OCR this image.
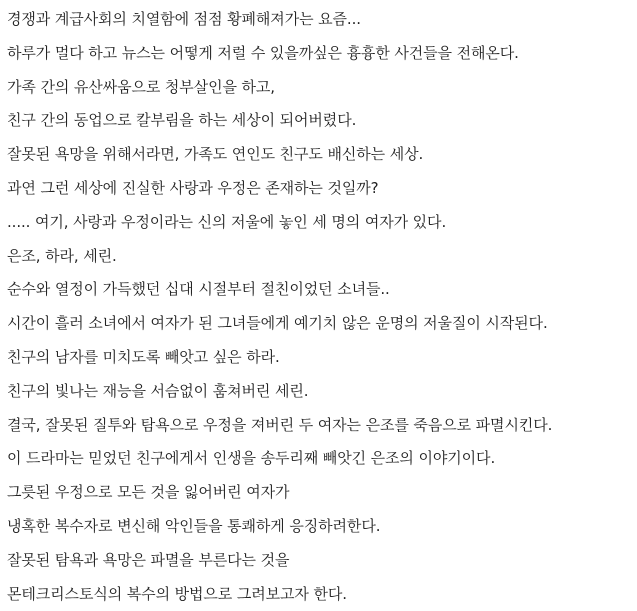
경쟁과 계급사회의 치열함에 점점 황폐해져가는 요즘...
하루가 멀다 하고 뉴스는 어떻게 저럴 수 있을까싶은 흉흉한 사건들을 전해온다.
가족 간의 유산싸움으로 청부살인을 하고,
친구 간의 동업으로 칼부림을 하는 세상이 되어버렸다.
잘못된 욕망을 위해서라면, 가족도 연인도 친구도 배신하는 세상.
과연 그런 세상에 진실한 사랑과 우정은 존재하는 것일까?
..... 여기, 사랑과 우정이라는 신의 저울에 놓인 세 명의 여자가 있다.
은조, 하라, 세린.
순수와 열정이 가득했던 십대 시절부터 절친이었던 소녀들..
시간이 흘러 소녀에서 여자가 된 그녀들에게 예기치 않은 운명의 저울질이 시작된다.
친구의 남자를 미치도록 빼앗고 싶은 하라.
친구의 빛나는 재능을 서슴없이 훔쳐버린 세린.
결국, 잘못된 질투와 탐욕으로 우정을 져버린 두 여자는 은조를 죽음으로 파멸시킨다.
이 드라마는 믿었던 친구에게서 인생을 송두리째 빼앗긴 은조의 이야기이다.
그릇된 우정으로 모든 것을 잃어버린 여자가
냉혹한 복수자로 변신해 악인들을 통쾌하게 응징하려한다.
잘못된 탐욕과 욕망은 파멸을 부른다는 것을
몬테크리스토식의 복수의 방법으로 그려보고자 한다.
